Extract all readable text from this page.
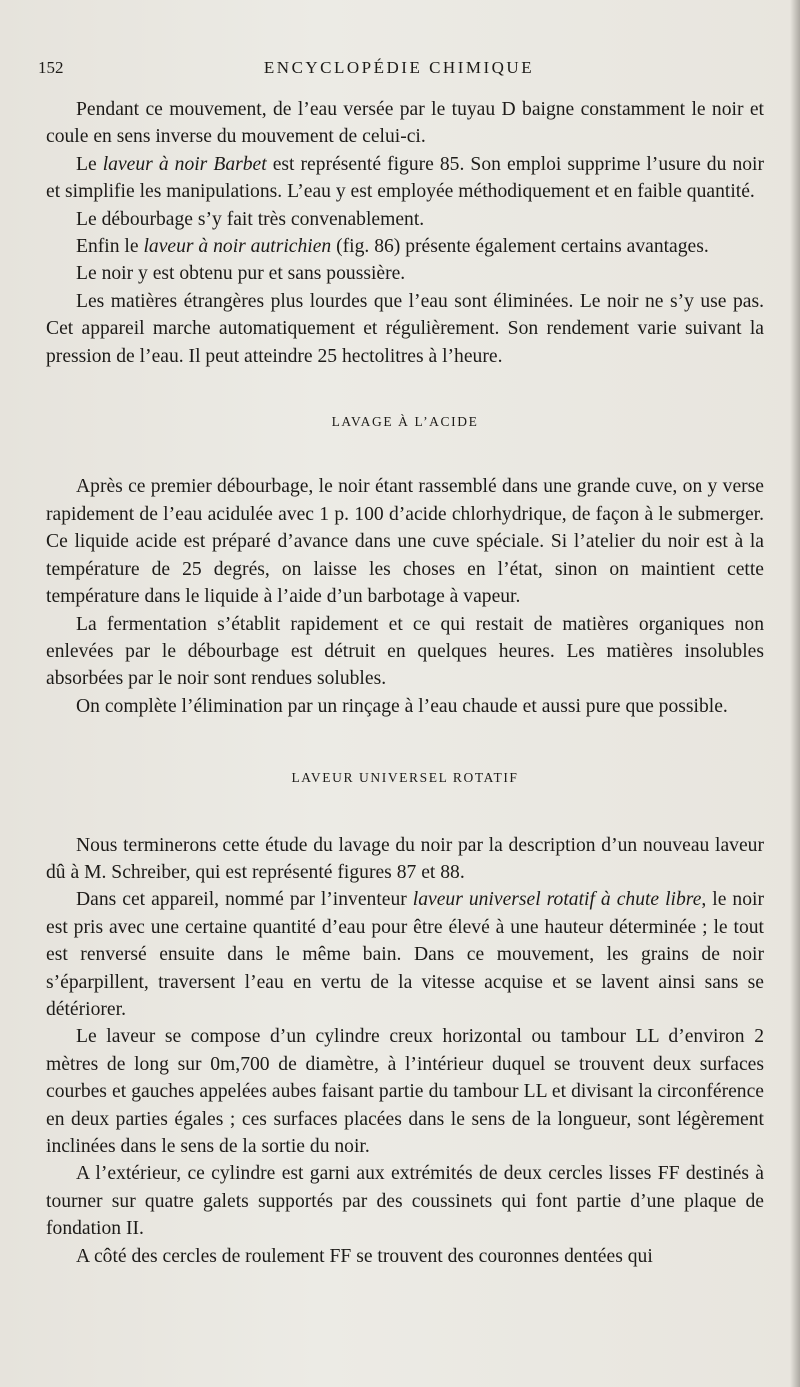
152	ENCYCLOPÉDIE CHIMIQUE

Pendant ce mouvement, de l’eau versée par le tuyau D baigne constamment le noir et coule en sens inverse du mouvement de celui-ci.

Le laveur à noir Barbet est représenté figure 85. Son emploi supprime l’usure du noir et simplifie les manipulations. L’eau y est employée méthodiquement et en faible quantité.

Le débourbage s’y fait très convenablement.

Enfin le laveur à noir autrichien (fig. 86) présente également certains avantages.

Le noir y est obtenu pur et sans poussière.

Les matières étrangères plus lourdes que l’eau sont éliminées. Le noir ne s’y use pas. Cet appareil marche automatiquement et régulièrement. Son rendement varie suivant la pression de l’eau. Il peut atteindre 25 hectolitres à l’heure.

LAVAGE À L’ACIDE

Après ce premier débourbage, le noir étant rassemblé dans une grande cuve, on y verse rapidement de l’eau acidulée avec 1 p. 100 d’acide chlorhydrique, de façon à le submerger. Ce liquide acide est préparé d’avance dans une cuve spéciale. Si l’atelier du noir est à la température de 25 degrés, on laisse les choses en l’état, sinon on maintient cette température dans le liquide à l’aide d’un barbotage à vapeur.

La fermentation s’établit rapidement et ce qui restait de matières organiques non enlevées par le débourbage est détruit en quelques heures. Les matières insolubles absorbées par le noir sont rendues solubles.

On complète l’élimination par un rinçage à l’eau chaude et aussi pure que possible.

LAVEUR UNIVERSEL ROTATIF

Nous terminerons cette étude du lavage du noir par la description d’un nouveau laveur dû à M. Schreiber, qui est représenté figures 87 et 88.

Dans cet appareil, nommé par l’inventeur laveur universel rotatif à chute libre, le noir est pris avec une certaine quantité d’eau pour être élevé à une hauteur déterminée ; le tout est renversé ensuite dans le même bain. Dans ce mouvement, les grains de noir s’éparpillent, traversent l’eau en vertu de la vitesse acquise et se lavent ainsi sans se détériorer.

Le laveur se compose d’un cylindre creux horizontal ou tambour LL d’environ 2 mètres de long sur 0m,700 de diamètre, à l’intérieur duquel se trouvent deux surfaces courbes et gauches appelées aubes faisant partie du tambour LL et divisant la circonférence en deux parties égales ; ces surfaces placées dans le sens de la longueur, sont légèrement inclinées dans le sens de la sortie du noir.

A l’extérieur, ce cylindre est garni aux extrémités de deux cercles lisses FF destinés à tourner sur quatre galets supportés par des coussinets qui font partie d’une plaque de fondation II.

A côté des cercles de roulement FF se trouvent des couronnes dentées qui
